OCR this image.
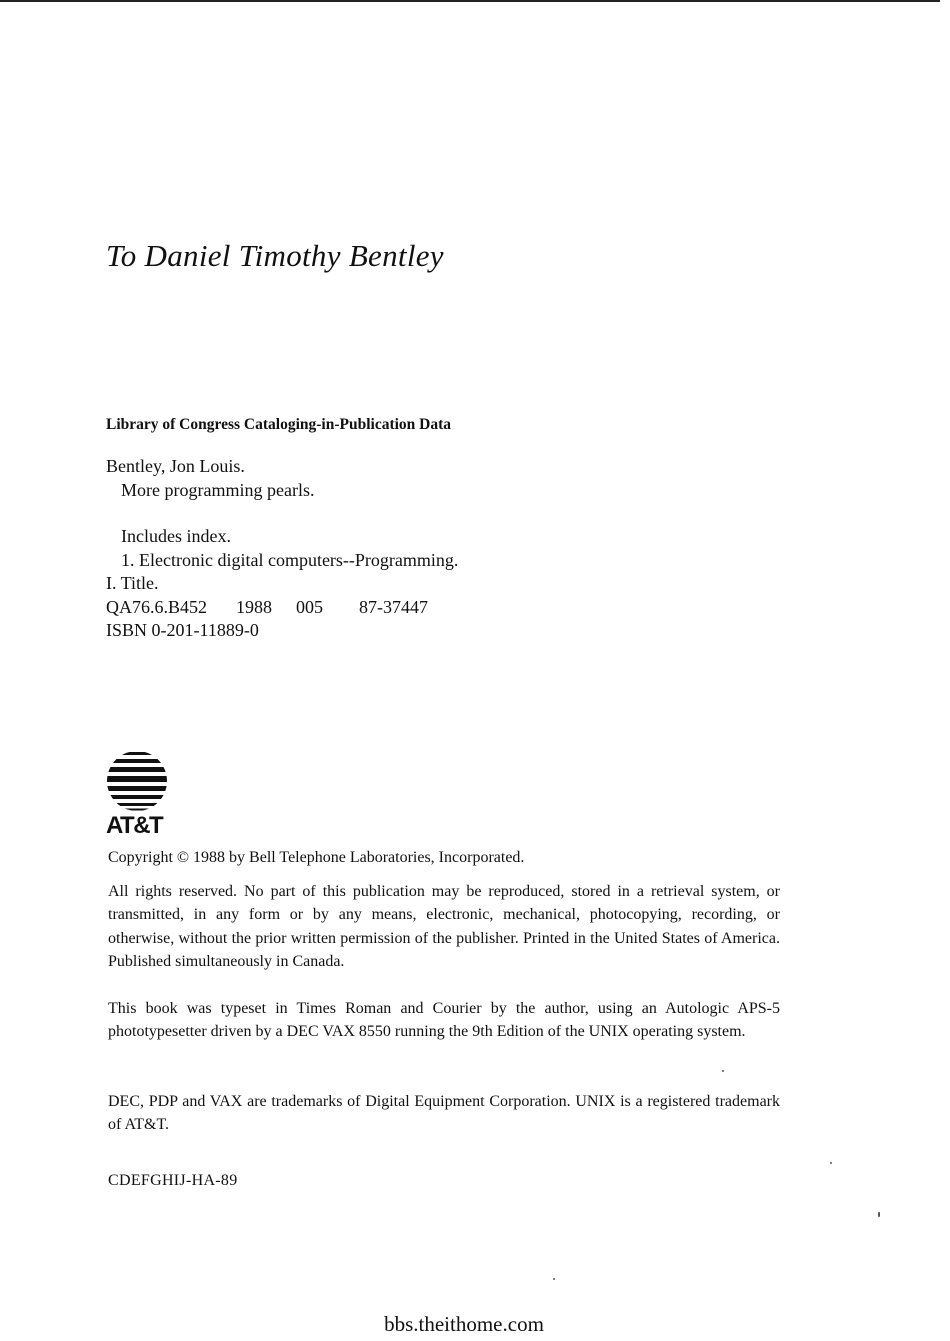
To Daniel Timothy Bentley
Library of Congress Cataloging-in-Publication Data
Bentley, Jon Louis.
More programming pearls.
Includes index.
1. Electronic digital computers--Programming.
I. Title.
QA76.6.B452 1988 005 87-37447
ISBN 0-201-11889-0
AT&T
Copyright © 1988 by Bell Telephone Laboratories, Incorporated.
All rights reserved. No part of this publication may be reproduced, stored in a retrieval system, or transmitted, in any form or by any means, electronic, mechanical, photocopying, recording, or otherwise, without the prior written permission of the publisher. Printed in the United States of America. Published simultaneously in Canada.
This book was typeset in Times Roman and Courier by the author, using an Autologic APS-5 phototypesetter driven by a DEC VAX 8550 running the 9th Edition of the UNIX operating system.
DEC, PDP and VAX are trademarks of Digital Equipment Corporation. UNIX is a registered trademark of AT&T.
CDEFGHIJ-HA-89
bbs.theithome.com
